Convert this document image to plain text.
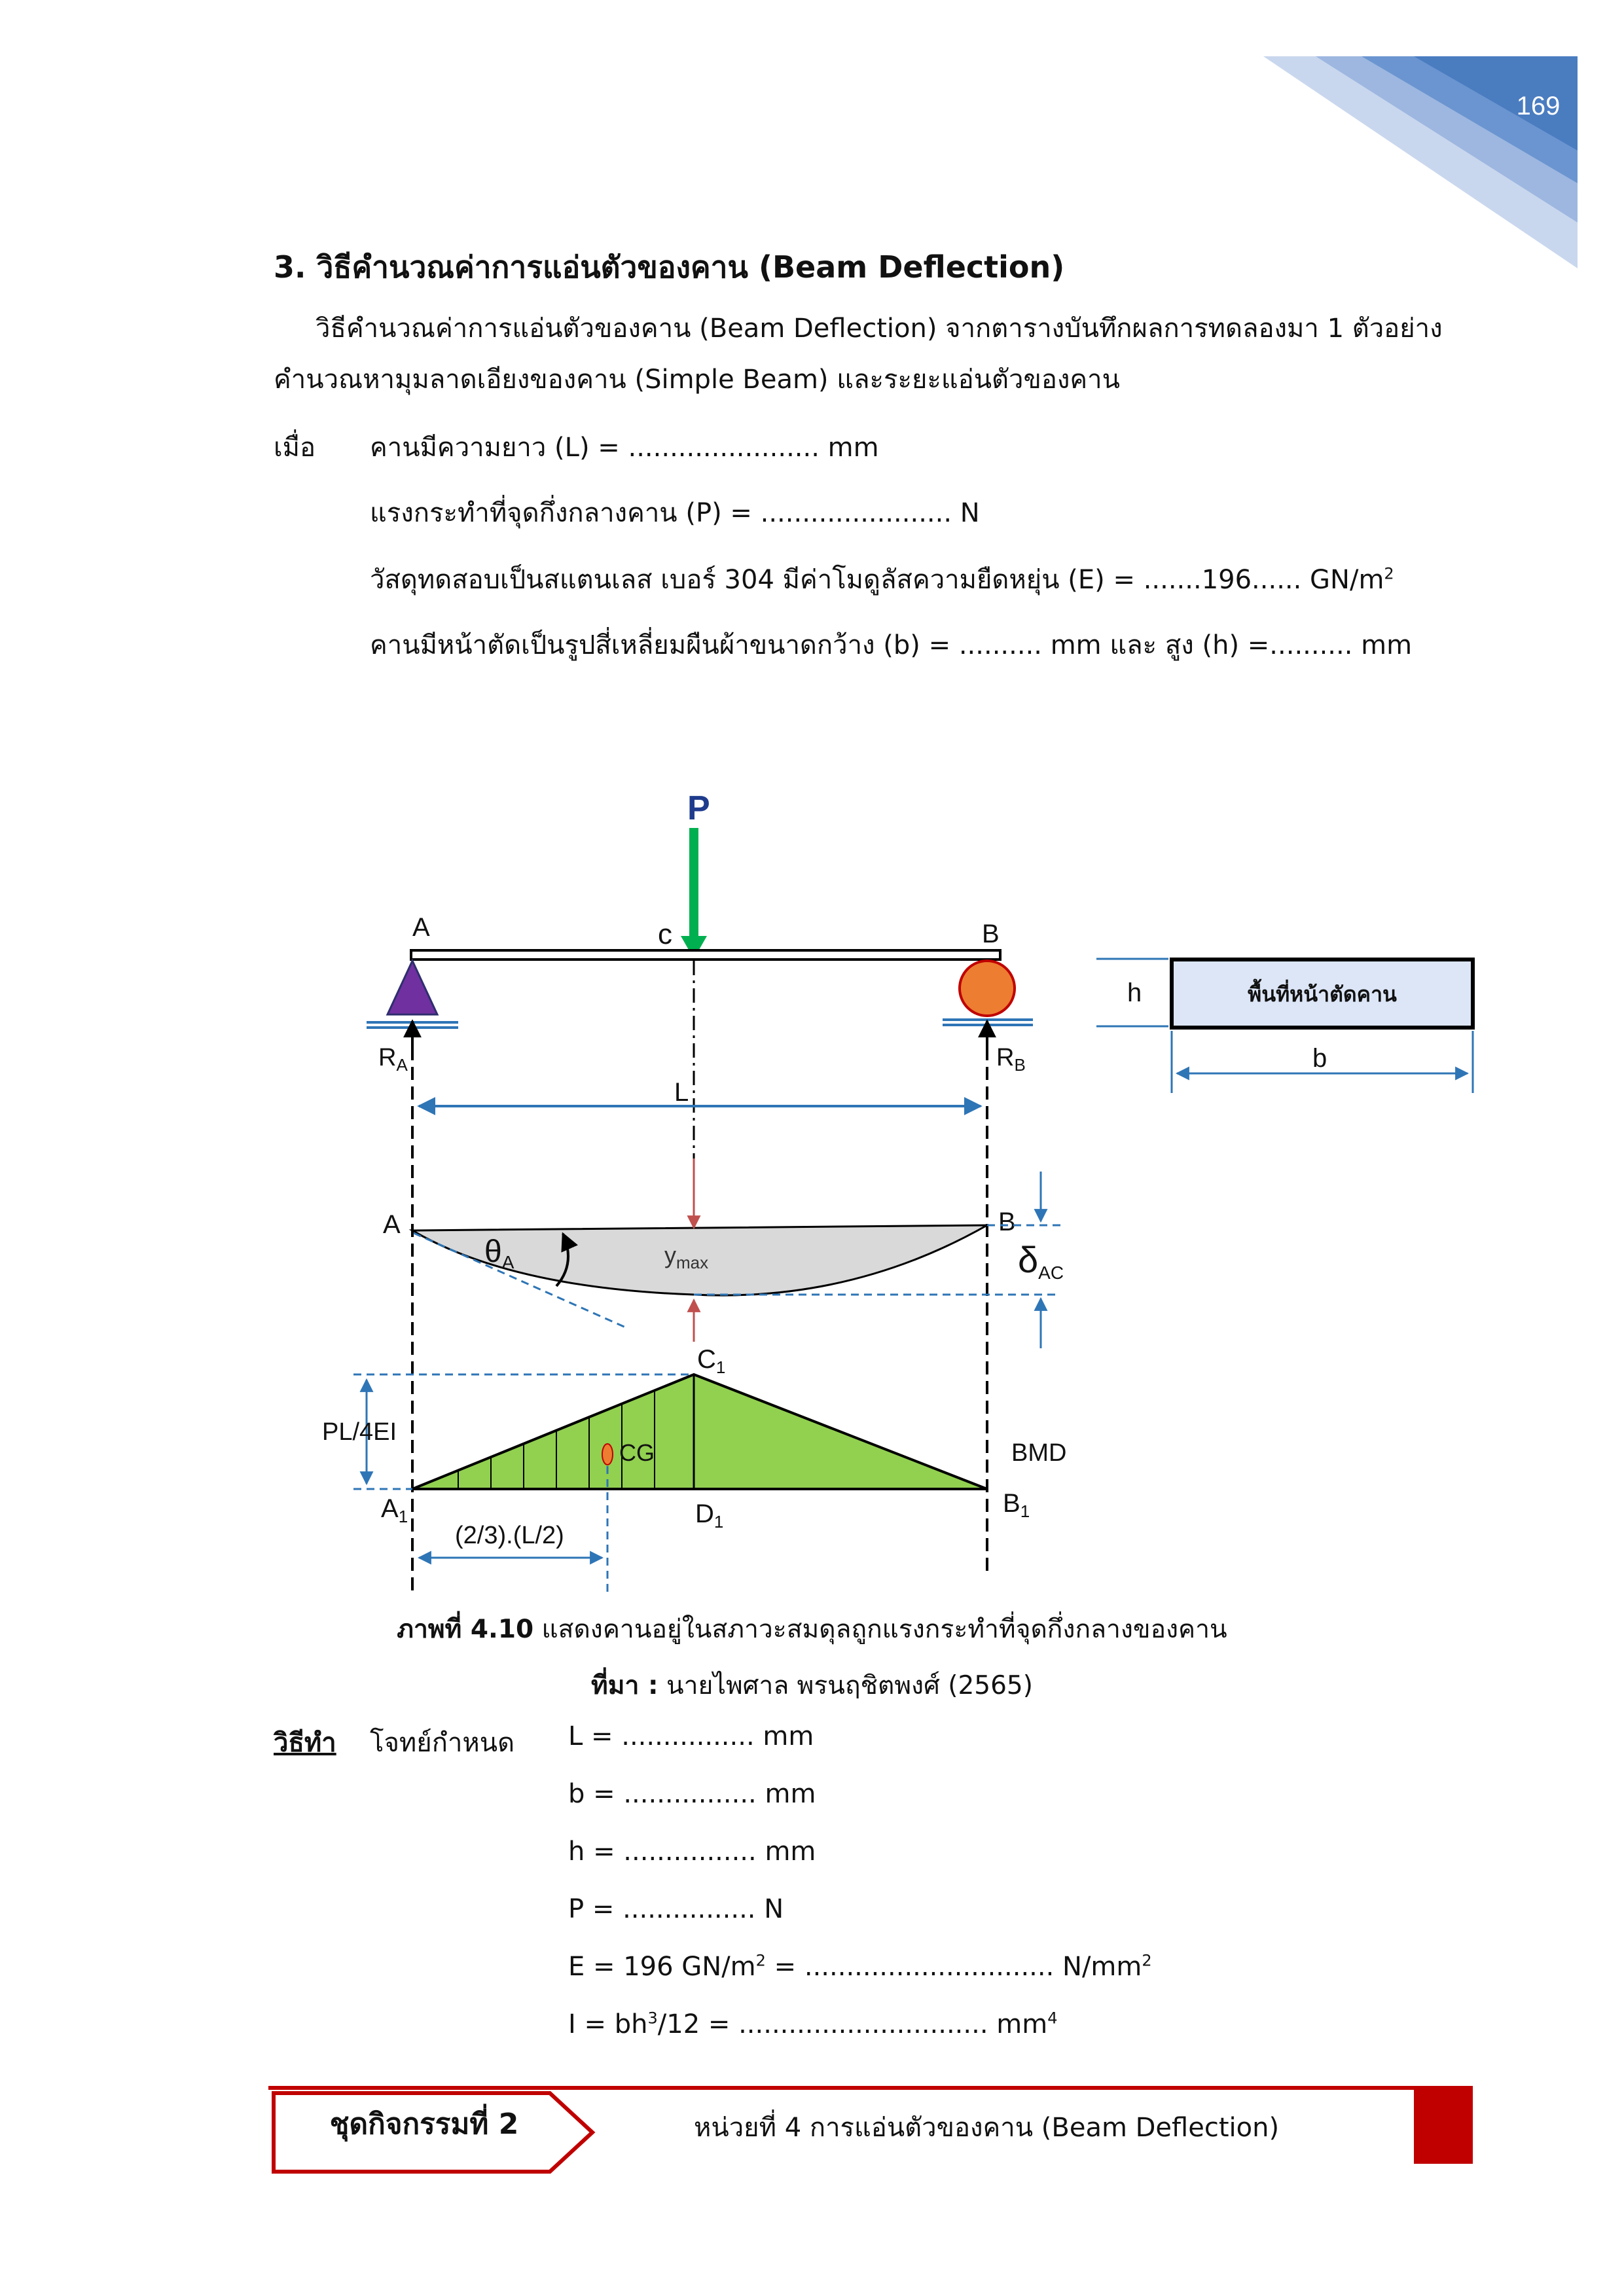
169
3. วิธีคำนวณค่าการแอ่นตัวของคาน (Beam Deflection)
วิธีคำนวณค่าการแอ่นตัวของคาน (Beam Deflection) จากตารางบันทึกผลการทดลองมา 1 ตัวอย่าง
คำนวณหามุมลาดเอียงของคาน (Simple Beam) และระยะแอ่นตัวของคาน
เมื่อ คานมีความยาว (L) = ....................... mm
แรงกระทำที่จุดกึ่งกลางคาน (P) = ....................... N
วัสดุทดสอบเป็นสแตนเลส เบอร์ 304 มีค่าโมดูลัสความยืดหยุ่น (E) = .......196...... $GN/m^2$
คานมีหน้าตัดเป็นรูปสี่เหลี่ยมผืนผ้าขนาดกว้าง (b) = .......... mm และ สูง (h) =.......... mm
P
A	c	B
$R_A$	$R_B$
L
A	B
$\theta_A$	$y_{max}$	δAC
CG	BMD
$C_1$
$A_1$	$B_1$
$D_1$
PL/4EI
(2/3).(L/2)
h	พื้นที่หน้าตัดคาน
b
ภาพที่ 4.10 แสดงคานอยู่ในสภาวะสมดุลถูกแรงกระทำที่จุดกึ่งกลางของคาน
ที่มา : นายไพศาล พรนฤชิตพงศ์ (2565)
วิธีทำ โจทย์กำหนด L = ................ mm
b = ................ mm
h = ................ mm
P = ................ N
E = 196 $GN/m^2$ = .............................. $N/mm^2$
$I = bh^3/12$ = .............................. $mm^4$
ชุดกิจกรรมที่ 2	หน่วยที่ 4 การแอ่นตัวของคาน (Beam Deflection)
